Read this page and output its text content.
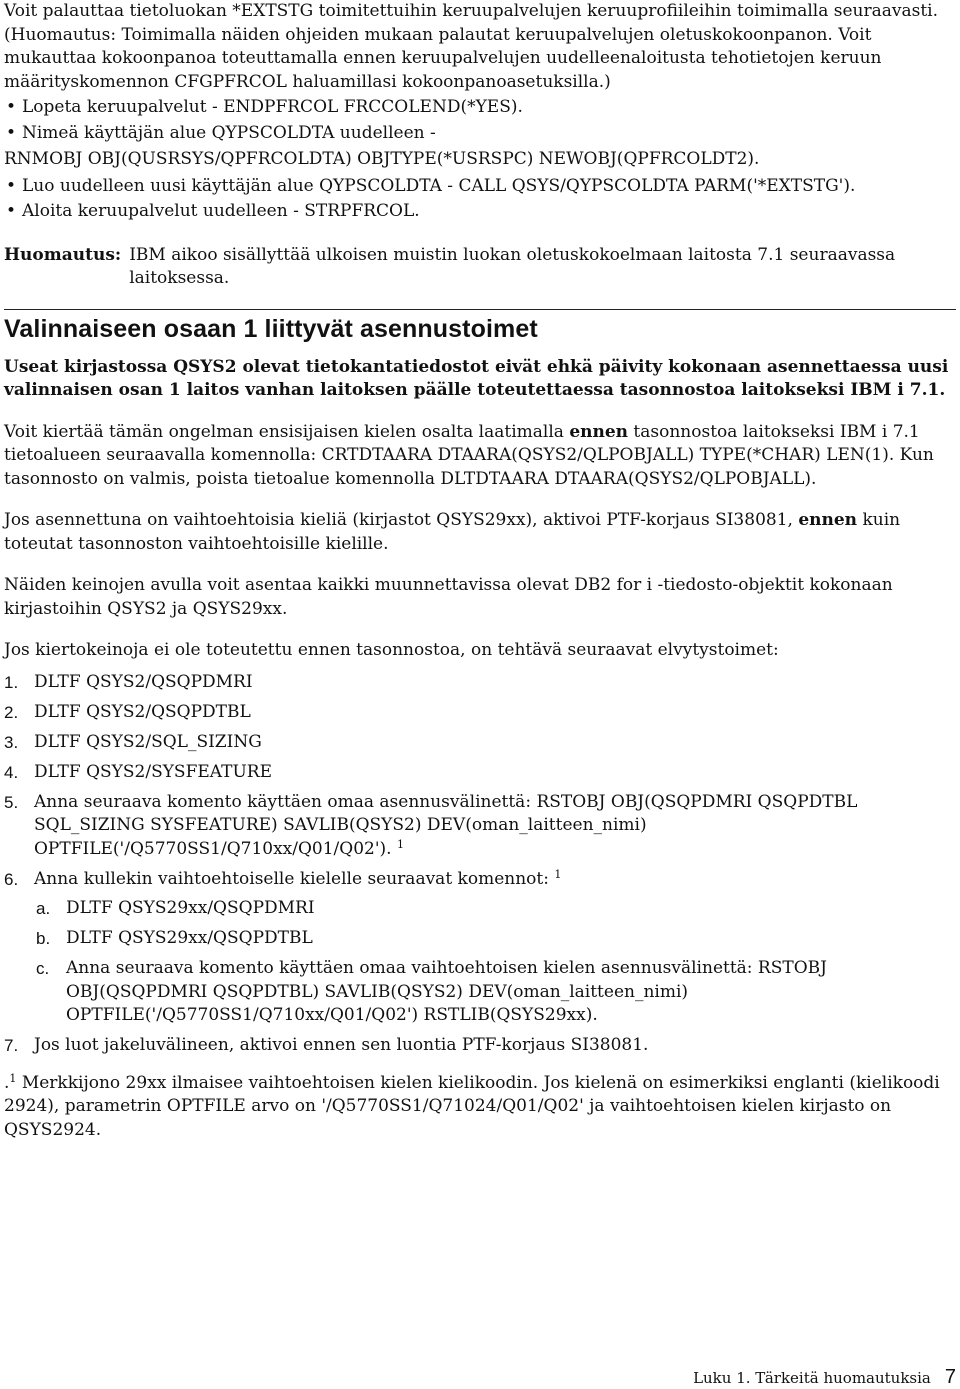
Voit palauttaa tietoluokan *EXTSTG toimitettuihin keruupalvelujen keruuprofiileihin toimimalla seuraavasti. (Huomautus: Toimimalla näiden ohjeiden mukaan palautat keruupalvelujen oletuskokoonpanon. Voit mukauttaa kokoonpanoa toteuttamalla ennen keruupalvelujen uudelleenaloitusta tehotietojen keruun määrityskomennon CFGPFRCOL haluamillasi kokoonpanoasetuksilla.)

• Lopeta keruupalvelut - ENDPFRCOL FRCCOLEND(*YES).
• Nimeä käyttäjän alue QYPSCOLDTA uudelleen -

RNMOBJ OBJ(QUSRSYS/QPFRCOLDTA) OBJTYPE(*USRSPC) NEWOBJ(QPFRCOLDT2).

• Luo uudelleen uusi käyttäjän alue QYPSCOLDTA - CALL QSYS/QYPSCOLDTA PARM('*EXTSTG').
• Aloita keruupalvelut uudelleen - STRPFRCOL.
Huomautus: IBM aikoo sisällyttää ulkoisen muistin luokan oletuskokoelmaan laitosta 7.1 seuraavassa laitoksessa.
Valinnaiseen osaan 1 liittyvät asennustoimet

Useat kirjastossa QSYS2 olevat tietokantatiedostot eivät ehkä päivity kokonaan asennettaessa uusi valinnaisen osan 1 laitos vanhan laitoksen päälle toteutettaessa tasonnostoa laitokseksi IBM i 7.1.

Voit kiertää tämän ongelman ensisijaisen kielen osalta laatimalla ennen tasonnostoa laitokseksi IBM i 7.1 tietoalueen seuraavalla komennolla: CRTDTAARA DTAARA(QSYS2/QLPOBJALL) TYPE(*CHAR) LEN(1). Kun tasonnosto on valmis, poista tietoalue komennolla DLTDTAARA DTAARA(QSYS2/QLPOBJALL).

Jos asennettuna on vaihtoehtoisia kieliä (kirjastot QSYS29xx), aktivoi PTF-korjaus SI38081, ennen kuin toteutat tasonnoston vaihtoehtoisille kielille.

Näiden keinojen avulla voit asentaa kaikki muunnettavissa olevat DB2 for i -tiedosto-objektit kokonaan kirjastoihin QSYS2 ja QSYS29xx.

Jos kiertokeinoja ei ole toteutettu ennen tasonnostoa, on tehtävä seuraavat elvytystoimet:

1. DLTF QSYS2/QSQPDMRI
2. DLTF QSYS2/QSQPDTBL
3. DLTF QSYS2/SQL_SIZING
4. DLTF QSYS2/SYSFEATURE
5. Anna seuraava komento käyttäen omaa asennusvälinettä: RSTOBJ OBJ(QSQPDMRI QSQPDTBL SQL_SIZING SYSFEATURE) SAVLIB(QSYS2) DEV(oman_laitteen_nimi) OPTFILE('/Q5770SS1/Q710xx/Q01/Q02'). $^1$
6. Anna kullekin vaihtoehtoiselle kielelle seuraavat komennot: $^1$
a. DLTF QSYS29xx/QSQPDMRI
b. DLTF QSYS29xx/QSQPDTBL
c. Anna seuraava komento käyttäen omaa vaihtoehtoisen kielen asennusvälinettä: RSTOBJ OBJ(QSQPDMRI QSQPDTBL) SAVLIB(QSYS2) DEV(oman_laitteen_nimi) OPTFILE('/Q5770SS1/Q710xx/Q01/Q02') RSTLIB(QSYS29xx).
7. Jos luot jakeluvälineen, aktivoi ennen sen luontia PTF-korjaus SI38081.

.$^1$ Merkkijono 29xx ilmaisee vaihtoehtoisen kielen kielikoodin. Jos kielenä on esimerkiksi englanti (kielikoodi 2924), parametrin OPTFILE arvo on '/Q5770SS1/Q71024/Q01/Q02' ja vaihtoehtoisen kielen kirjasto on QSYS2924.

Luku 1. Tärkeitä huomautuksia 7
